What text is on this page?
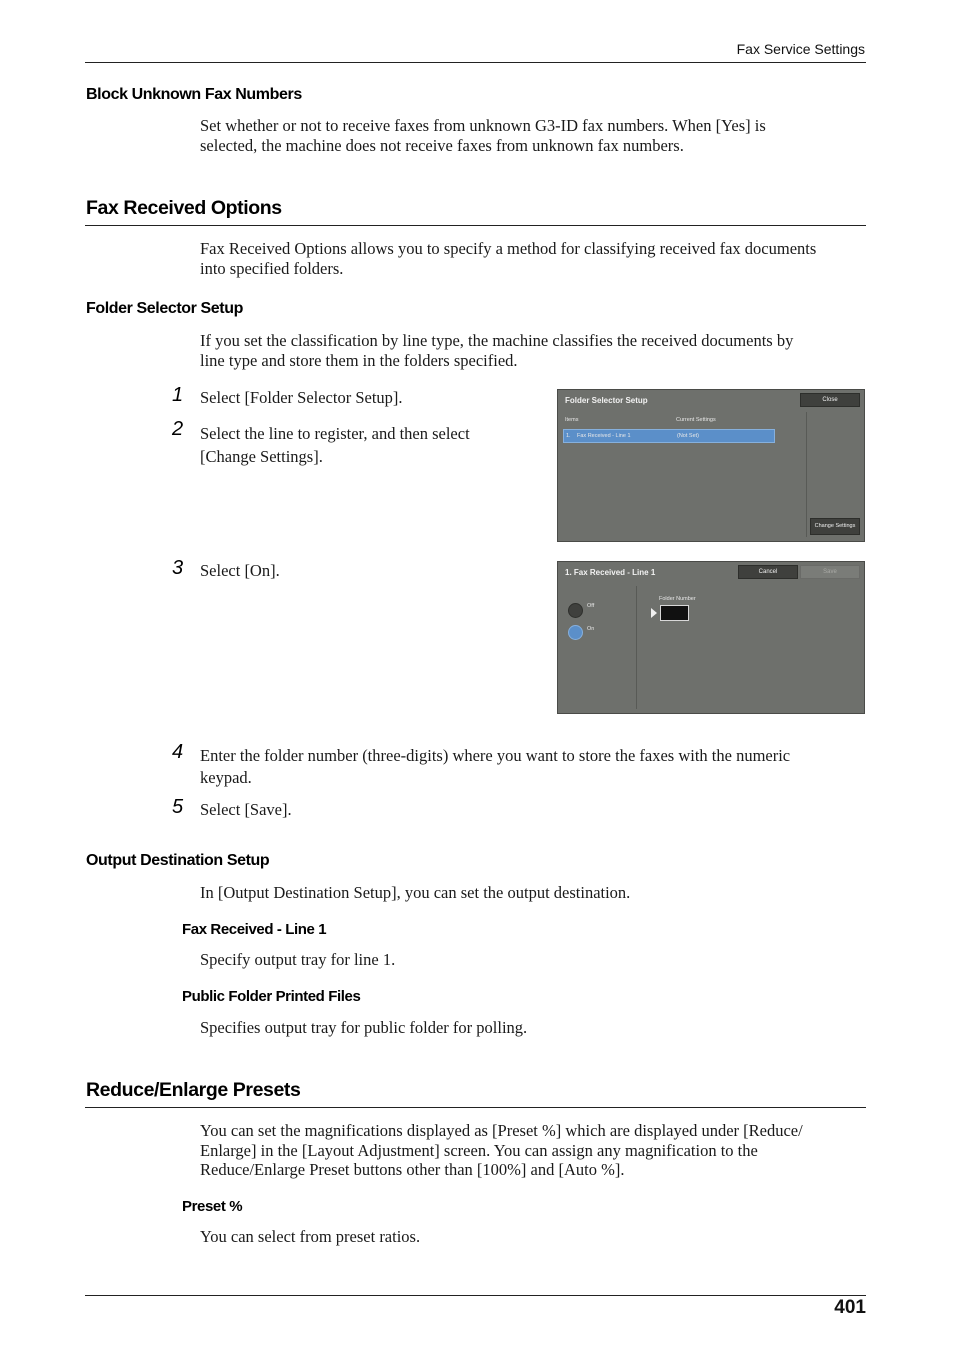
Fax Service Settings
Block Unknown Fax Numbers
Set whether or not to receive faxes from unknown G3-ID fax numbers. When [Yes] is
selected, the machine does not receive faxes from unknown fax numbers.
Fax Received Options
Fax Received Options allows you to specify a method for classifying received fax documents
into specified folders.
Folder Selector Setup
If you set the classification by line type, the machine classifies the received documents by
line type and store them in the folders specified.
1 Select [Folder Selector Setup].
2 Select the line to register, and then select
[Change Settings].
Folder Selector Setup	Close
Items	Current Settings
1. Fax Received - Line 1	(Not Set)
Change Settings
3 Select [On].	1. Fax Received - Line 1	Cancel	Save
Off
On
Folder Number
4 Enter the folder number (three-digits) where you want to store the faxes with the numeric
keypad.
5 Select [Save].
Output Destination Setup
In [Output Destination Setup], you can set the output destination.
Fax Received - Line 1
Specify output tray for line 1.
Public Folder Printed Files
Specifies output tray for public folder for polling.
Reduce/Enlarge Presets
You can set the magnifications displayed as [Preset %] which are displayed under [Reduce/
Enlarge] in the [Layout Adjustment] screen. You can assign any magnification to the
Reduce/Enlarge Preset buttons other than [100%] and [Auto %].
Preset %
You can select from preset ratios.
401
